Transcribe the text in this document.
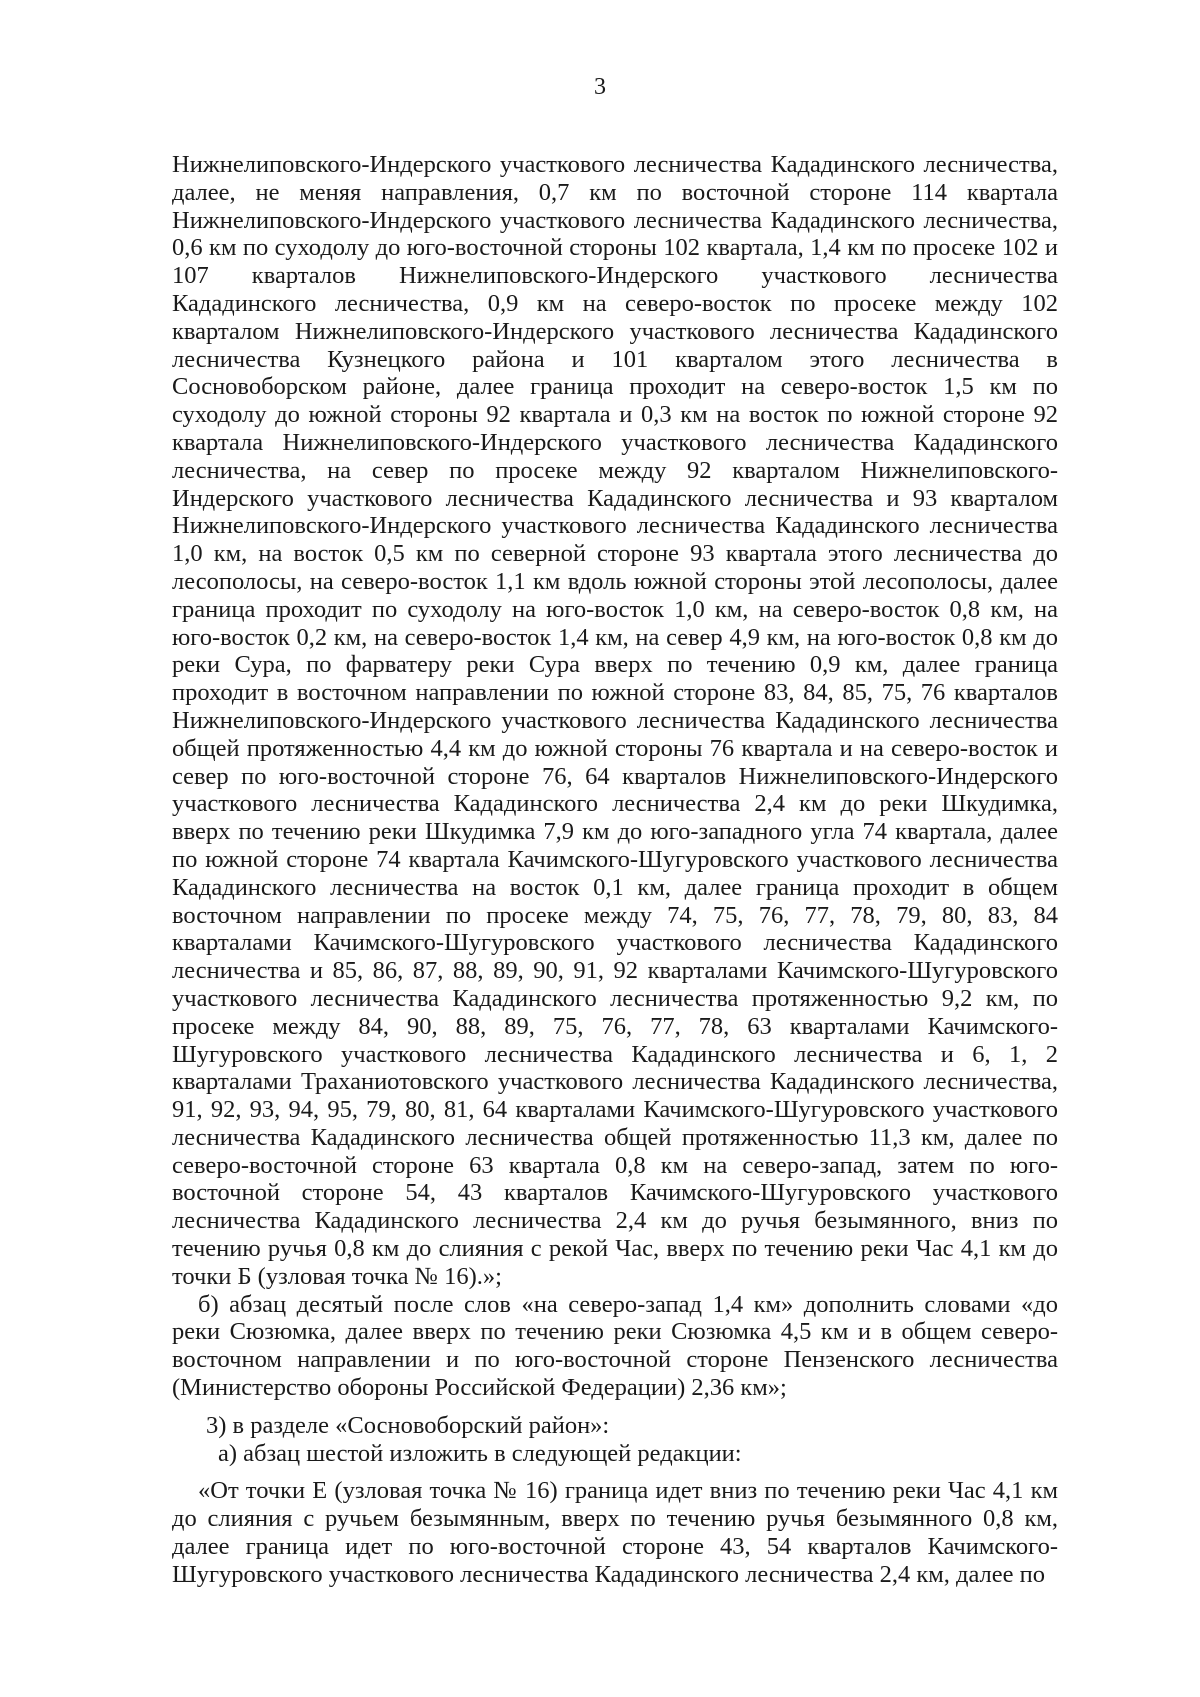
3

Нижнелиповского-Индерского участкового лесничества Кададинского лесничества, далее, не меняя направления, 0,7 км по восточной стороне 114 квартала Нижнелиповского-Индерского участкового лесничества Кададинского лесничества, 0,6 км по суходолу до юго-восточной стороны 102 квартала, 1,4 км по просеке 102 и 107 кварталов Нижнелиповского-Индерского участкового лесничества Кададинского лесничества, 0,9 км на северо-восток по просеке между 102 кварталом Нижнелиповского-Индерского участкового лесничества Кададинского лесничества Кузнецкого района и 101 кварталом этого лесничества в Сосновоборском районе, далее граница проходит на северо-восток 1,5 км по суходолу до южной стороны 92 квартала и 0,3 км на восток по южной стороне 92 квартала Нижнелиповского-Индерского участкового лесничества Кададинского лесничества, на север по просеке между 92 кварталом Нижнелиповского-Индерского участкового лесничества Кададинского лесничества и 93 кварталом Нижнелиповского-Индерского участкового лесничества Кададинского лесничества 1,0 км, на восток 0,5 км по северной стороне 93 квартала этого лесничества до лесополосы, на северо-восток 1,1 км вдоль южной стороны этой лесополосы, далее граница проходит по суходолу на юго-восток 1,0 км, на северо-восток 0,8 км, на юго-восток 0,2 км, на северо-восток 1,4 км, на север 4,9 км, на юго-восток 0,8 км до реки Сура, по фарватеру реки Сура вверх по течению 0,9 км, далее граница проходит в восточном направлении по южной стороне 83, 84, 85, 75, 76 кварталов Нижнелиповского-Индерского участкового лесничества Кададинского лесничества общей протяженностью 4,4 км до южной стороны 76 квартала и на северо-восток и север по юго-восточной стороне 76, 64 кварталов Нижнелиповского-Индерского участкового лесничества Кададинского лесничества 2,4 км до реки Шкудимка, вверх по течению реки Шкудимка 7,9 км до юго-западного угла 74 квартала, далее по южной стороне 74 квартала Качимского-Шугуровского участкового лесничества Кададинского лесничества на восток 0,1 км, далее граница проходит в общем восточном направлении по просеке между 74, 75, 76, 77, 78, 79, 80, 83, 84 кварталами Качимского-Шугуровского участкового лесничества Кададинского лесничества и 85, 86, 87, 88, 89, 90, 91, 92 кварталами Качимского-Шугуровского участкового лесничества Кададинского лесничества протяженностью 9,2 км, по просеке между 84, 90, 88, 89, 75, 76, 77, 78, 63 кварталами Качимского-Шугуровского участкового лесничества Кададинского лесничества и 6, 1, 2 кварталами Траханиотовского участкового лесничества Кададинского лесничества, 91, 92, 93, 94, 95, 79, 80, 81, 64 кварталами Качимского-Шугуровского участкового лесничества Кададинского лесничества общей протяженностью 11,3 км, далее по северо-восточной стороне 63 квартала 0,8 км на северо-запад, затем по юго-восточной стороне 54, 43 кварталов Качимского-Шугуровского участкового лесничества Кададинского лесничества 2,4 км до ручья безымянного, вниз по течению ручья 0,8 км до слияния с рекой Час, вверх по течению реки Час 4,1 км до точки Б (узловая точка № 16).»;

б) абзац десятый после слов «на северо-запад 1,4 км» дополнить словами «до реки Сюзюмка, далее вверх по течению реки Сюзюмка 4,5 км и в общем северо-восточном направлении и по юго-восточной стороне Пензенского лесничества (Министерство обороны Российской Федерации) 2,36 км»;

3) в разделе «Сосновоборский район»:

а) абзац шестой изложить в следующей редакции:

«От точки Е (узловая точка № 16) граница идет вниз по течению реки Час 4,1 км до слияния с ручьем безымянным, вверх по течению ручья безымянного 0,8 км, далее граница идет по юго-восточной стороне 43, 54 кварталов Качимского-Шугуровского участкового лесничества Кададинского лесничества 2,4 км, далее по
